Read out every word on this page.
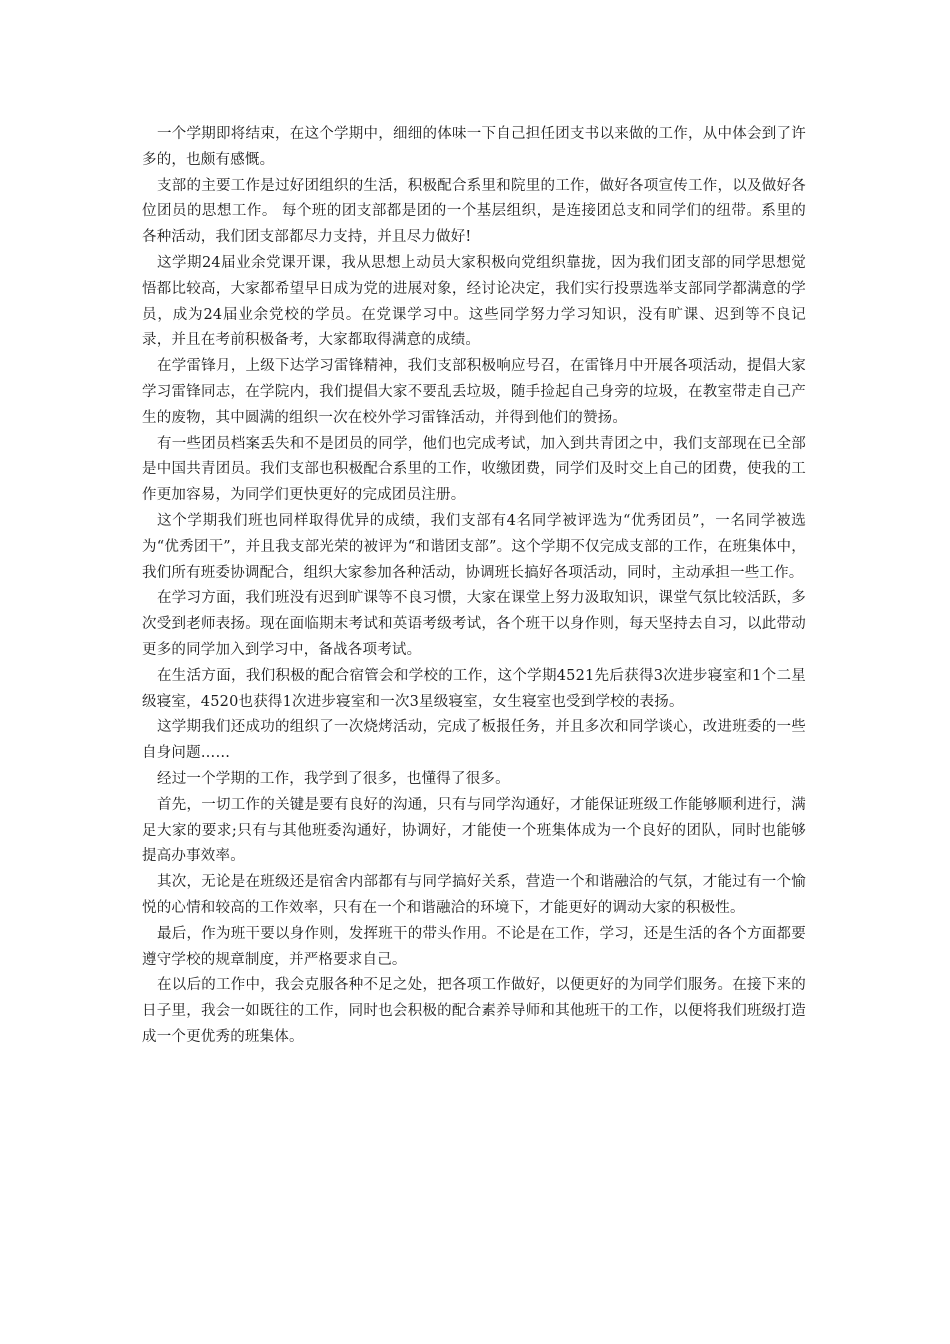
一个学期即将结束，在这个学期中，细细的体味一下自己担任团支书以来做的工作，从中体会到了许多的，也颇有感慨。

支部的主要工作是过好团组织的生活，积极配合系里和院里的工作，做好各项宣传工作，以及做好各位团员的思想工作。 每个班的团支部都是团的一个基层组织，是连接团总支和同学们的纽带。系里的各种活动，我们团支部都尽力支持，并且尽力做好!

这学期24届业余党课开课，我从思想上动员大家积极向党组织靠拢，因为我们团支部的同学思想觉悟都比较高，大家都希望早日成为党的进展对象，经讨论决定，我们实行投票选举支部同学都满意的学员，成为24届业余党校的学员。在党课学习中。这些同学努力学习知识，没有旷课、迟到等不良记录，并且在考前积极备考，大家都取得满意的成绩。

在学雷锋月，上级下达学习雷锋精神，我们支部积极响应号召，在雷锋月中开展各项活动，提倡大家学习雷锋同志，在学院内，我们提倡大家不要乱丢垃圾，随手捡起自己身旁的垃圾，在教室带走自己产生的废物，其中圆满的组织一次在校外学习雷锋活动，并得到他们的赞扬。

有一些团员档案丢失和不是团员的同学，他们也完成考试，加入到共青团之中，我们支部现在已全部是中国共青团员。我们支部也积极配合系里的工作，收缴团费，同学们及时交上自己的团费，使我的工作更加容易，为同学们更快更好的完成团员注册。

这个学期我们班也同样取得优异的成绩，我们支部有4名同学被评选为“优秀团员”，一名同学被选为“优秀团干”，并且我支部光荣的被评为“和谐团支部”。这个学期不仅完成支部的工作，在班集体中，我们所有班委协调配合，组织大家参加各种活动，协调班长搞好各项活动，同时，主动承担一些工作。

在学习方面，我们班没有迟到旷课等不良习惯，大家在课堂上努力汲取知识，课堂气氛比较活跃，多次受到老师表扬。现在面临期末考试和英语考级考试，各个班干以身作则，每天坚持去自习，以此带动更多的同学加入到学习中，备战各项考试。

在生活方面，我们积极的配合宿管会和学校的工作，这个学期4521先后获得3次进步寝室和1个二星级寝室，4520也获得1次进步寝室和一次3星级寝室，女生寝室也受到学校的表扬。

这学期我们还成功的组织了一次烧烤活动，完成了板报任务，并且多次和同学谈心，改进班委的一些自身问题……

经过一个学期的工作，我学到了很多，也懂得了很多。

首先，一切工作的关键是要有良好的沟通，只有与同学沟通好，才能保证班级工作能够顺利进行，满足大家的要求;只有与其他班委沟通好，协调好，才能使一个班集体成为一个良好的团队，同时也能够提高办事效率。

其次，无论是在班级还是宿舍内部都有与同学搞好关系，营造一个和谐融洽的气氛，才能过有一个愉悦的心情和较高的工作效率，只有在一个和谐融洽的环境下，才能更好的调动大家的积极性。

最后，作为班干要以身作则，发挥班干的带头作用。不论是在工作，学习，还是生活的各个方面都要遵守学校的规章制度，并严格要求自己。

在以后的工作中，我会克服各种不足之处，把各项工作做好，以便更好的为同学们服务。在接下来的日子里，我会一如既往的工作，同时也会积极的配合素养导师和其他班干的工作，以便将我们班级打造成一个更优秀的班集体。
